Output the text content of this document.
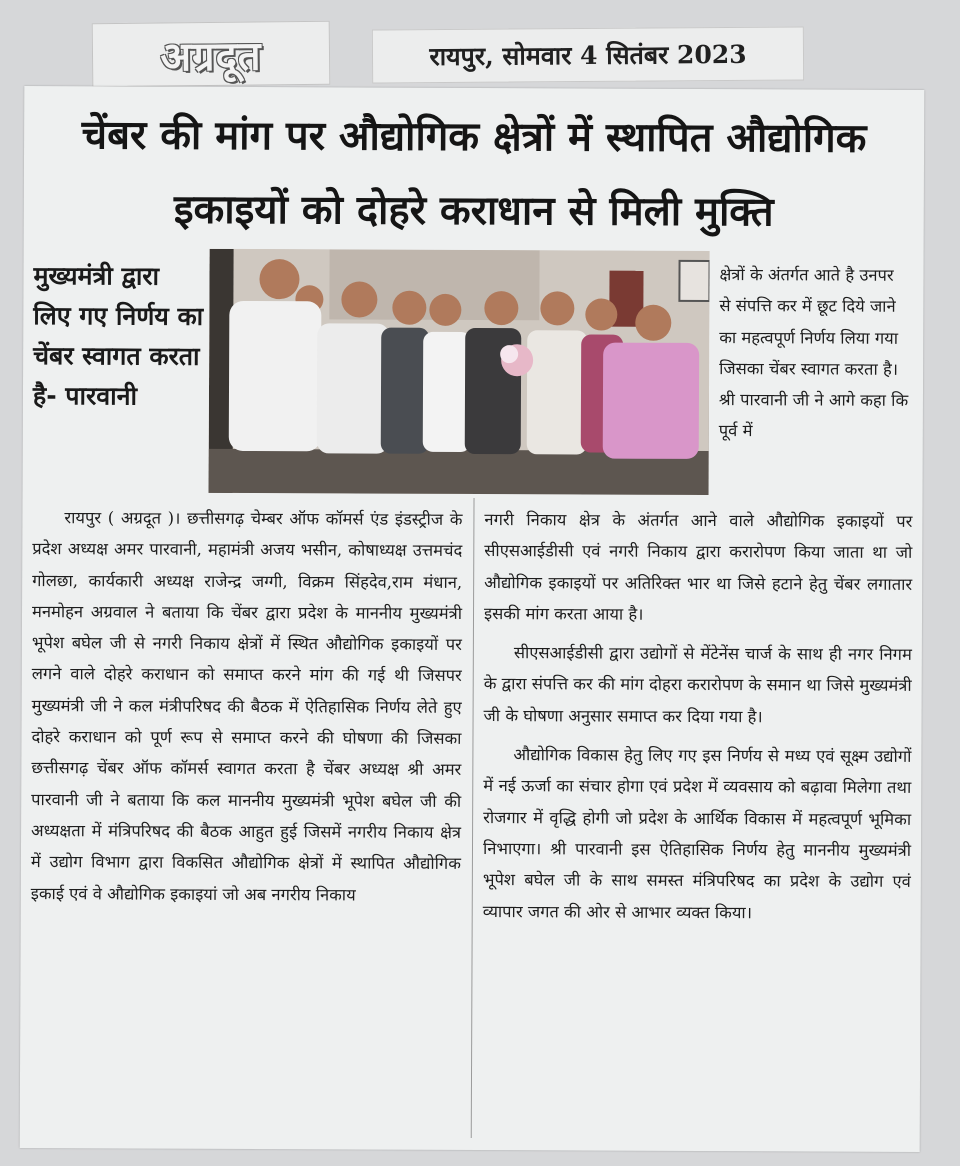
अग्रदूत	रायपुर, सोमवार 4 सितंबर 2023
चेंबर की मांग पर औद्योगिक क्षेत्रों में स्थापित औद्योगिक
इकाइयों को दोहरे कराधान से मिली मुक्ति
मुख्यमंत्री द्वारा लिए गए निर्णय का चेंबर स्वागत करता है- पारवानी
क्षेत्रों के अंतर्गत आते है उनपर से संपत्ति कर में छूट दिये जाने का महत्वपूर्ण निर्णय लिया गया जिसका चेंबर स्वागत करता है। श्री पारवानी जी ने आगे कहा कि पूर्व में
रायपुर ( अग्रदूत )। छत्तीसगढ़ चेम्बर ऑफ कॉमर्स एंड इंडस्ट्रीज के प्रदेश अध्यक्ष अमर पारवानी, महामंत्री अजय भसीन, कोषाध्यक्ष उत्तमचंद गोलछा, कार्यकारी अध्यक्ष राजेन्द्र जग्गी, विक्रम सिंहदेव,राम मंधान, मनमोहन अग्रवाल ने बताया कि चेंबर द्वारा प्रदेश के माननीय मुख्यमंत्री भूपेश बघेल जी से नगरी निकाय क्षेत्रों में स्थित औद्योगिक इकाइयों पर लगने वाले दोहरे कराधान को समाप्त करने मांग की गई थी जिसपर मुख्यमंत्री जी ने कल मंत्रीपरिषद की बैठक में ऐतिहासिक निर्णय लेते हुए दोहरे कराधान को पूर्ण रूप से समाप्त करने की घोषणा की जिसका छत्तीसगढ़ चेंबर ऑफ कॉमर्स स्वागत करता है चेंबर अध्यक्ष श्री अमर पारवानी जी ने बताया कि कल माननीय मुख्यमंत्री भूपेश बघेल जी की अध्यक्षता में मंत्रिपरिषद की बैठक आहुत हुई जिसमें नगरीय निकाय क्षेत्र में उद्योग विभाग द्वारा विकसित औद्योगिक क्षेत्रों में स्थापित औद्योगिक इकाई एवं वे औद्योगिक इकाइयां जो अब नगरीय निकाय

नगरी निकाय क्षेत्र के अंतर्गत आने वाले औद्योगिक इकाइयों पर सीएसआईडीसी एवं नगरी निकाय द्वारा करारोपण किया जाता था जो औद्योगिक इकाइयों पर अतिरिक्त भार था जिसे हटाने हेतु चेंबर लगातार इसकी मांग करता आया है।

सीएसआईडीसी द्वारा उद्योगों से मेंटेनेंस चार्ज के साथ ही नगर निगम के द्वारा संपत्ति कर की मांग दोहरा करारोपण के समान था जिसे मुख्यमंत्री जी के घोषणा अनुसार समाप्त कर दिया गया है।

औद्योगिक विकास हेतु लिए गए इस निर्णय से मध्य एवं सूक्ष्म उद्योगों में नई ऊर्जा का संचार होगा एवं प्रदेश में व्यवसाय को बढ़ावा मिलेगा तथा रोजगार में वृद्धि होगी जो प्रदेश के आर्थिक विकास में महत्वपूर्ण भूमिका निभाएगा। श्री पारवानी इस ऐतिहासिक निर्णय हेतु माननीय मुख्यमंत्री भूपेश बघेल जी के साथ समस्त मंत्रिपरिषद का प्रदेश के उद्योग एवं व्यापार जगत की ओर से आभार व्यक्त किया।
